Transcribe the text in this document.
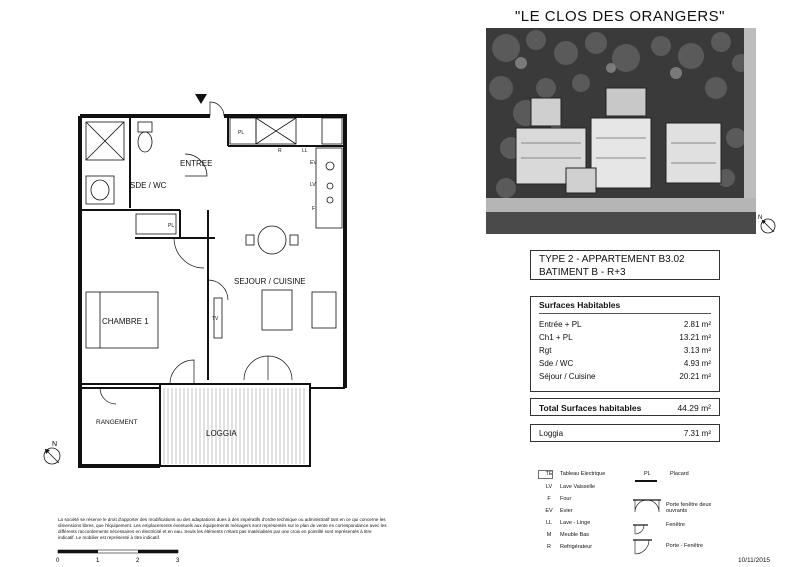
"LE CLOS DES ORANGERS"
N
TYPE 2 - APPARTEMENT B3.02
BATIMENT B - R+3
Surfaces Habitables
Entrée + PL	2.81 m²
Ch1 + PL	13.21 m²
Rgt	3.13 m²
Sde / WC	4.93 m²
Séjour / Cuisine	20.21 m²
Total Surfaces habitables	44.29 m²
Loggia	7.31 m²
TE	Tableau Electrique
LV	Lave Vaisselle
F	Four
EV	Evier
LL	Lave - Linge
M	Meuble Bas
R	Refrigérateur
PL	Placard
Porte fenêtre deux ouvrants
Fenêtre
Porte - Fenêtre
ENTREE
SDE / WC
SEJOUR / CUISINE
CHAMBRE 1
RANGEMENT
LOGGIA
PL
PL
R	LL
EV
LV
F
TV
N
La société se réserve le droit d'apporter des modifications ou des adaptations dues à des impératifs d'ordre technique ou administratif tant en ce qui concerne les dimensions libres, que l'équipement. Les emplacements éventuels aux équipements ménagers sont représentés sur le plan de vente en correspondance avec les différents raccordements nécessaires en électricité et en eau. Seuls les éléments n'étant pas matérialisés par une croix en pointillé sont représentés à titre indicatif. Le mobilier est représenté à titre indicatif.
0	1	2	3	10/11/2015
